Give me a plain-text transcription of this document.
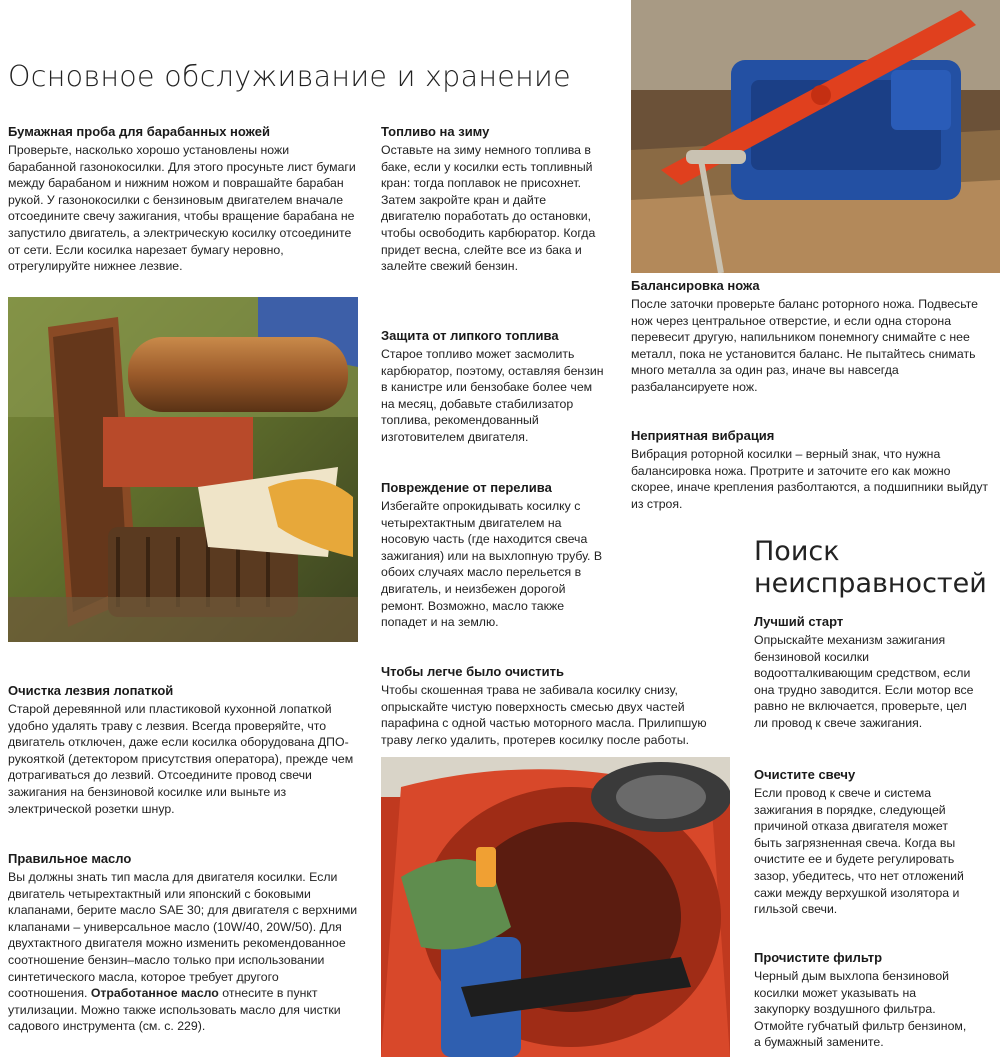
Основное обслуживание и хранение
Бумажная проба для барабанных ножей

Проверьте, насколько хорошо установлены ножи барабанной газонокосилки. Для этого просуньте лист бумаги между барабаном и нижним ножом и поврашайте барабан рукой. У газонокосилки с бензиновым двигателем вначале отсоедините свечу зажигания, чтобы вращение барабана не запустило двигатель, а электрическую косилку отсоедините от сети. Если косилка нарезает бумагу неровно, отрегулируйте нижнее лезвие.

Очистка лезвия лопаткой

Старой деревянной или пластиковой кухонной лопаткой удобно удалять траву с лезвия. Всегда проверяйте, что двигатель отключен, даже если косилка оборудована ДПО-рукояткой (детектором присутствия оператора), прежде чем дотрагиваться до лезвий. Отсоедините провод свечи зажигания на бензиновой косилке или выньте из электрической розетки шнур.

Правильное масло

Вы должны знать тип масла для двигателя косилки. Если двигатель четырехтактный или японский с боковыми клапанами, берите масло SAE 30; для двигателя с верхними клапанами – универсальное масло (10W/40, 20W/50). Для двухтактного двигателя можно изменить рекомендованное соотношение бензин–масло только при использовании синтетического масла, которое требует другого соотношения. Отработанное масло отнесите в пункт утилизации. Можно также использовать масло для чистки садового инструмента (см. с. 229).

Топливо на зиму

Оставьте на зиму немного топлива в баке, если у косилки есть топливный кран: тогда поплавок не присохнет. Затем закройте кран и дайте двигателю поработать до остановки, чтобы освободить карбюратор. Когда придет весна, слейте все из бака и залейте свежий бензин.

Защита от липкого топлива

Старое топливо может засмолить карбюратор, поэтому, оставляя бензин в канистре или бензобаке более чем на месяц, добавьте стабилизатор топлива, рекомендованный изготовителем двигателя.

Повреждение от перелива

Избегайте опрокидывать косилку с четырехтактным двигателем на носовую часть (где находится свеча зажигания) или на выхлопную трубу. В обоих случаях масло перельется в двигатель, и неизбежен дорогой ремонт. Возможно, масло также попадет и на землю.

Чтобы легче было очистить

Чтобы скошенная трава не забивала косилку снизу, опрыскайте чистую поверхность смесью двух частей парафина с одной частью моторного масла. Прилипшую траву легко удалить, протерев косилку после работы.

Балансировка ножа

После заточки проверьте баланс роторного ножа. Подвесьте нож через центральное отверстие, и если одна сторона перевесит другую, напильником понемногу снимайте с нее металл, пока не установится баланс. Не пытайтесь снимать много металла за один раз, иначе вы навсегда разбалансируете нож.

Неприятная вибрация

Вибрация роторной косилки – верный знак, что нужна балансировка ножа. Протрите и заточите его как можно скорее, иначе крепления разболтаются, а подшипники выйдут из строя.

Поиск неисправностей
Лучший старт

Опрыскайте механизм зажигания бензиновой косилки водоотталкивающим средством, если она трудно заводится. Если мотор все равно не включается, проверьте, цел ли провод к свече зажигания.

Очистите свечу

Если провод к свече и система зажигания в порядке, следующей причиной отказа двигателя может быть загрязненная свеча. Когда вы очистите ее и будете регулировать зазор, убедитесь, что нет отложений сажи между верхушкой изолятора и гильзой свечи.

Прочистите фильтр

Черный дым выхлопа бензиновой косилки может указывать на закупорку воздушного фильтра. Отмойте губчатый фильтр бензином, а бумажный замените.
